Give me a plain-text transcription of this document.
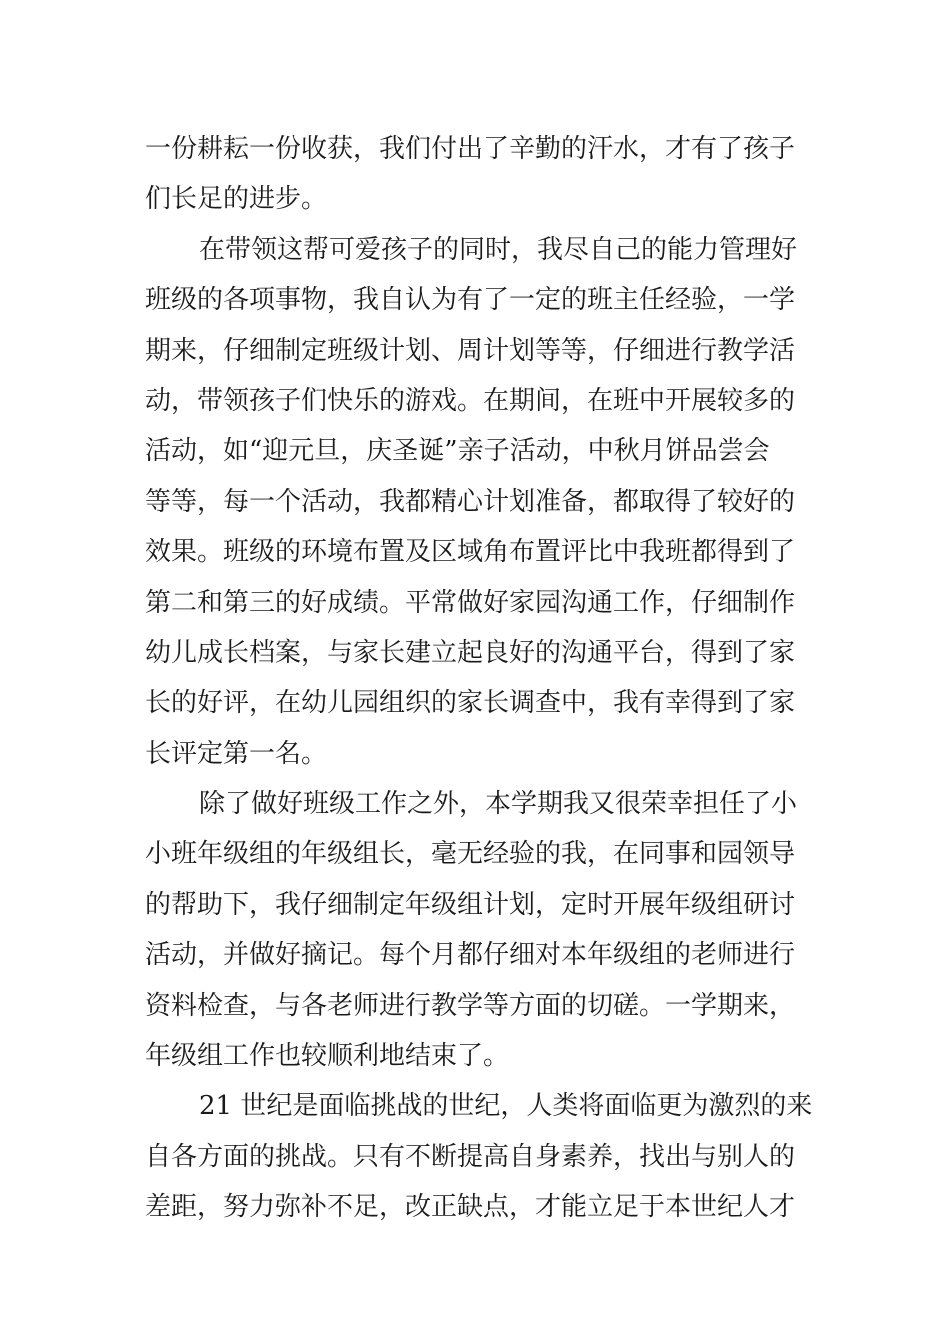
一份耕耘一份收获，我们付出了辛勤的汗水，才有了孩子
们长足的进步。
在带领这帮可爱孩子的同时，我尽自己的能力管理好
班级的各项事物，我自认为有了一定的班主任经验，一学
期来，仔细制定班级计划、周计划等等，仔细进行教学活
动，带领孩子们快乐的游戏。在期间，在班中开展较多的
活动，如“迎元旦，庆圣诞”亲子活动，中秋月饼品尝会
等等，每一个活动，我都精心计划准备，都取得了较好的
效果。班级的环境布置及区域角布置评比中我班都得到了
第二和第三的好成绩。平常做好家园沟通工作，仔细制作
幼儿成长档案，与家长建立起良好的沟通平台，得到了家
长的好评，在幼儿园组织的家长调查中，我有幸得到了家
长评定第一名。
除了做好班级工作之外，本学期我又很荣幸担任了小
小班年级组的年级组长，毫无经验的我，在同事和园领导
的帮助下，我仔细制定年级组计划，定时开展年级组研讨
活动，并做好摘记。每个月都仔细对本年级组的老师进行
资料检查，与各老师进行教学等方面的切磋。一学期来，
年级组工作也较顺利地结束了。
21 世纪是面临挑战的世纪，人类将面临更为激烈的来
自各方面的挑战。只有不断提高自身素养，找出与别人的
差距，努力弥补不足，改正缺点，才能立足于本世纪人才
